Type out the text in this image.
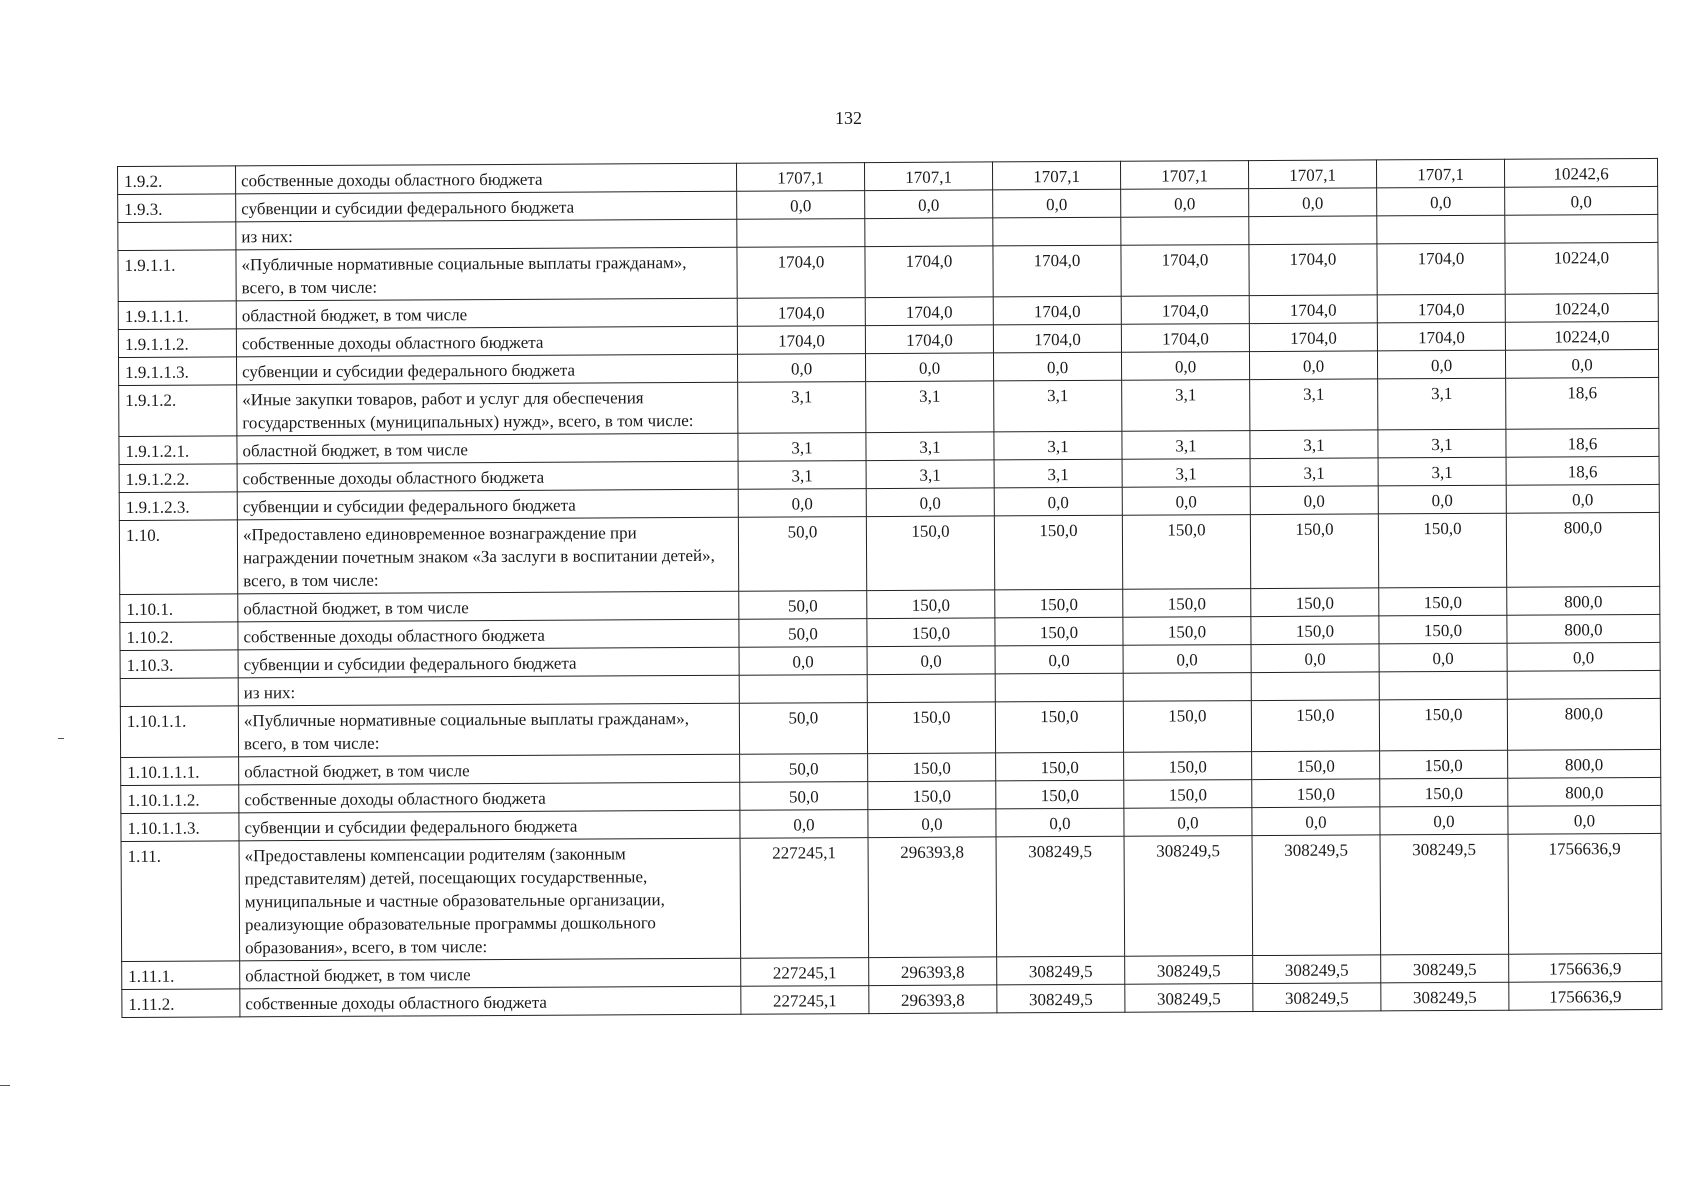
132
1.9.2.	собственные доходы областного бюджета	1707,1	1707,1	1707,1	1707,1	1707,1	1707,1	10242,6
1.9.3.	субвенции и субсидии федерального бюджета	0,0	0,0	0,0	0,0	0,0	0,0	0,0
	из них:							
1.9.1.1.	«Публичные нормативные социальные выплаты гражданам», всего, в том числе:	1704,0	1704,0	1704,0	1704,0	1704,0	1704,0	10224,0
1.9.1.1.1.	областной бюджет, в том числе	1704,0	1704,0	1704,0	1704,0	1704,0	1704,0	10224,0
1.9.1.1.2.	собственные доходы областного бюджета	1704,0	1704,0	1704,0	1704,0	1704,0	1704,0	10224,0
1.9.1.1.3.	субвенции и субсидии федерального бюджета	0,0	0,0	0,0	0,0	0,0	0,0	0,0
1.9.1.2.	«Иные закупки товаров, работ и услуг для обеспечения государственных (муниципальных) нужд», всего, в том числе:	3,1	3,1	3,1	3,1	3,1	3,1	18,6
1.9.1.2.1.	областной бюджет, в том числе	3,1	3,1	3,1	3,1	3,1	3,1	18,6
1.9.1.2.2.	собственные доходы областного бюджета	3,1	3,1	3,1	3,1	3,1	3,1	18,6
1.9.1.2.3.	субвенции и субсидии федерального бюджета	0,0	0,0	0,0	0,0	0,0	0,0	0,0
1.10.	«Предоставлено единовременное вознаграждение при награждении почетным знаком «За заслуги в воспитании детей», всего, в том числе:	50,0	150,0	150,0	150,0	150,0	150,0	800,0
1.10.1.	областной бюджет, в том числе	50,0	150,0	150,0	150,0	150,0	150,0	800,0
1.10.2.	собственные доходы областного бюджета	50,0	150,0	150,0	150,0	150,0	150,0	800,0
1.10.3.	субвенции и субсидии федерального бюджета	0,0	0,0	0,0	0,0	0,0	0,0	0,0
	из них:							
1.10.1.1.	«Публичные нормативные социальные выплаты гражданам», всего, в том числе:	50,0	150,0	150,0	150,0	150,0	150,0	800,0
1.10.1.1.1.	областной бюджет, в том числе	50,0	150,0	150,0	150,0	150,0	150,0	800,0
1.10.1.1.2.	собственные доходы областного бюджета	50,0	150,0	150,0	150,0	150,0	150,0	800,0
1.10.1.1.3.	субвенции и субсидии федерального бюджета	0,0	0,0	0,0	0,0	0,0	0,0	0,0
1.11.	«Предоставлены компенсации родителям (законным представителям) детей, посещающих государственные, муниципальные и частные образовательные организации, реализующие образовательные программы дошкольного образования», всего, в том числе:	227245,1	296393,8	308249,5	308249,5	308249,5	308249,5	1756636,9
1.11.1.	областной бюджет, в том числе	227245,1	296393,8	308249,5	308249,5	308249,5	308249,5	1756636,9
1.11.2.	собственные доходы областного бюджета	227245,1	296393,8	308249,5	308249,5	308249,5	308249,5	1756636,9
